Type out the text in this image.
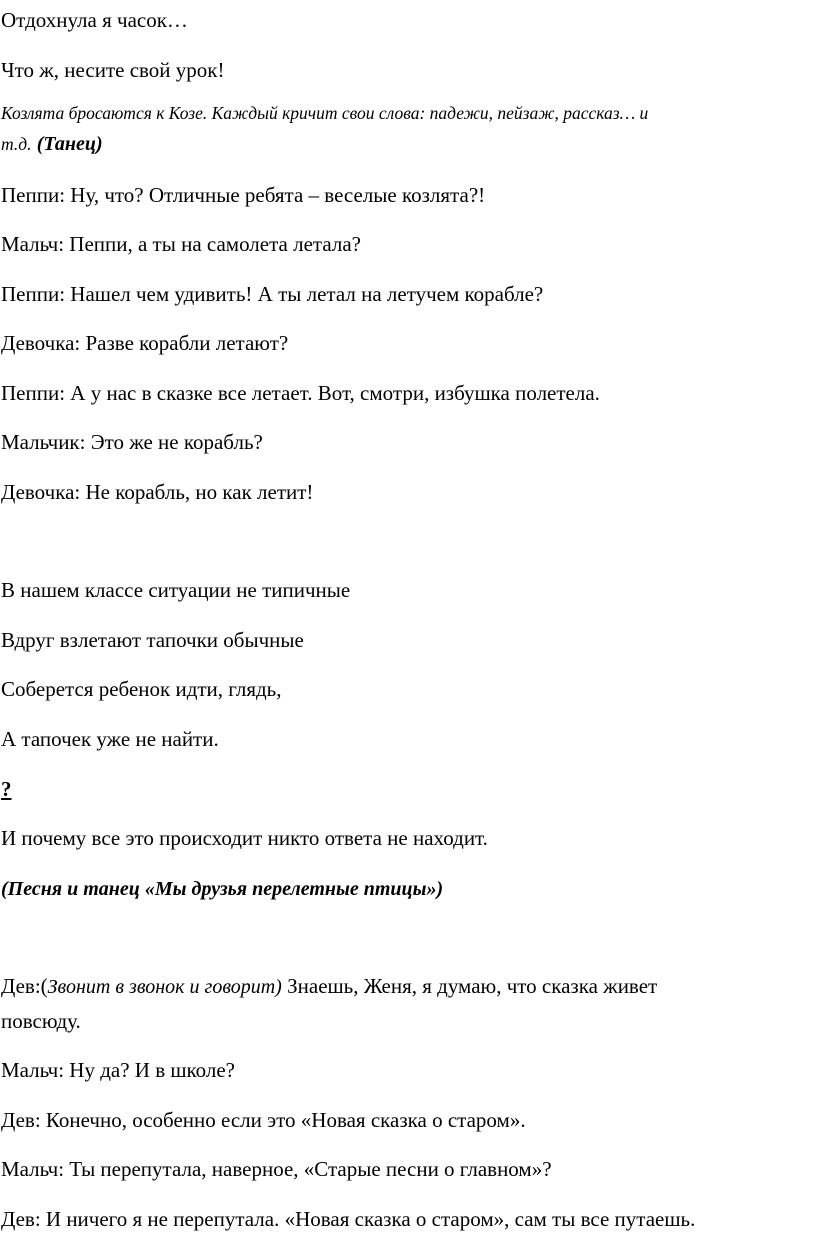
Отдохнула я часок…

Что ж, несите свой урок!

Козлята бросаются к Козе. Каждый кричит свои слова: падежи, пейзаж, рассказ… и

т.д. (Танец)

Пеппи: Ну, что? Отличные ребята – веселые козлята?!

Мальч: Пеппи, а ты на самолета летала?

Пеппи: Нашел чем удивить! А ты летал на летучем корабле?

Девочка: Разве корабли летают?

Пеппи: А у нас в сказке все летает. Вот, смотри, избушка полетела.

Мальчик: Это же не корабль?

Девочка: Не корабль, но как летит!

В нашем классе ситуации не типичные

Вдруг взлетают тапочки обычные

Соберется ребенок идти, глядь,

А тапочек уже не найти.

?

И почему все это происходит никто ответа не находит.

(Песня и танец «Мы друзья перелетные птицы»)

Дев:(Звонит в звонок и говорит) Знаешь, Женя, я думаю, что сказка живет

повсюду.

Мальч: Ну да? И в школе?

Дев: Конечно, особенно если это «Новая сказка о старом».

Мальч: Ты перепутала, наверное, «Старые песни о главном»?

Дев: И ничего я не перепутала. «Новая сказка о старом», сам ты все путаешь.
